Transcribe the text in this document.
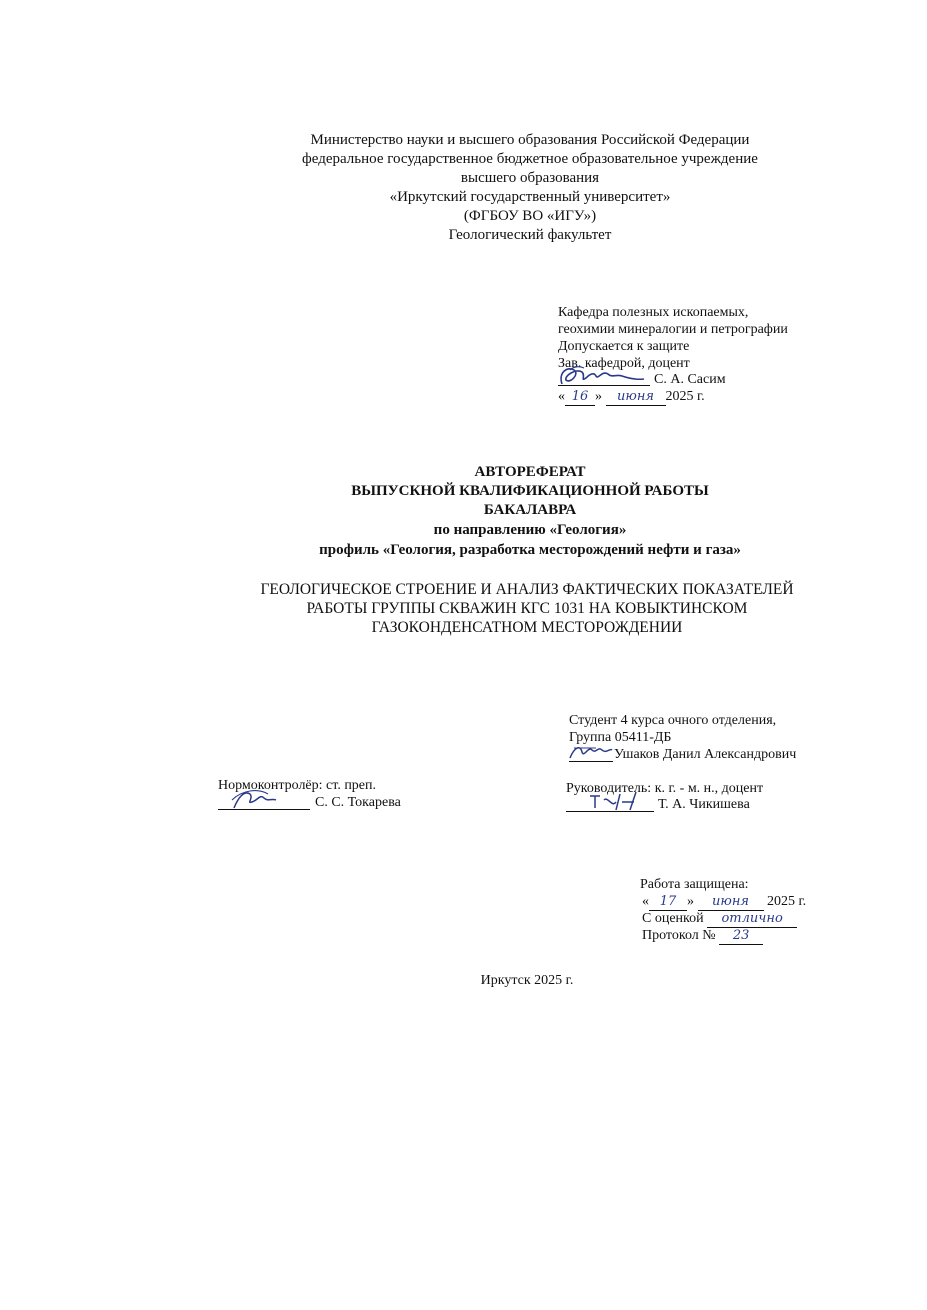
Министерство науки и высшего образования Российской Федерации
федеральное государственное бюджетное образовательное учреждение
высшего образования
«Иркутский государственный университет»
(ФГБОУ ВО «ИГУ»)
Геологический факультет
Кафедра полезных ископаемых,
геохимии минералогии и петрографии
Допускается к защите
Зав. кафедрой, доцент
С. А. Сасим
« 16 » июня 2025 г.
АВТОРЕФЕРАТ
ВЫПУСКНОЙ КВАЛИФИКАЦИОННОЙ РАБОТЫ
БАКАЛАВРА
по направлению «Геология»
профиль «Геология, разработка месторождений нефти и газа»
ГЕОЛОГИЧЕСКОЕ СТРОЕНИЕ И АНАЛИЗ ФАКТИЧЕСКИХ ПОКАЗАТЕЛЕЙ
РАБОТЫ ГРУППЫ СКВАЖИН КГС 1031 НА КОВЫКТИНСКОМ
ГАЗОКОНДЕНСАТНОМ МЕСТОРОЖДЕНИИ
Студент 4 курса очного отделения,
Группа 05411-ДБ
Ушаков Данил Александрович
Нормоконтролёр: ст. преп.
С. С. Токарева
Руководитель: к. г. - м. н., доцент
Т. А. Чикишева
Работа защищена:
« 17 » июня 2025 г.
С оценкой отлично
Протокол № 23
Иркутск 2025 г.
